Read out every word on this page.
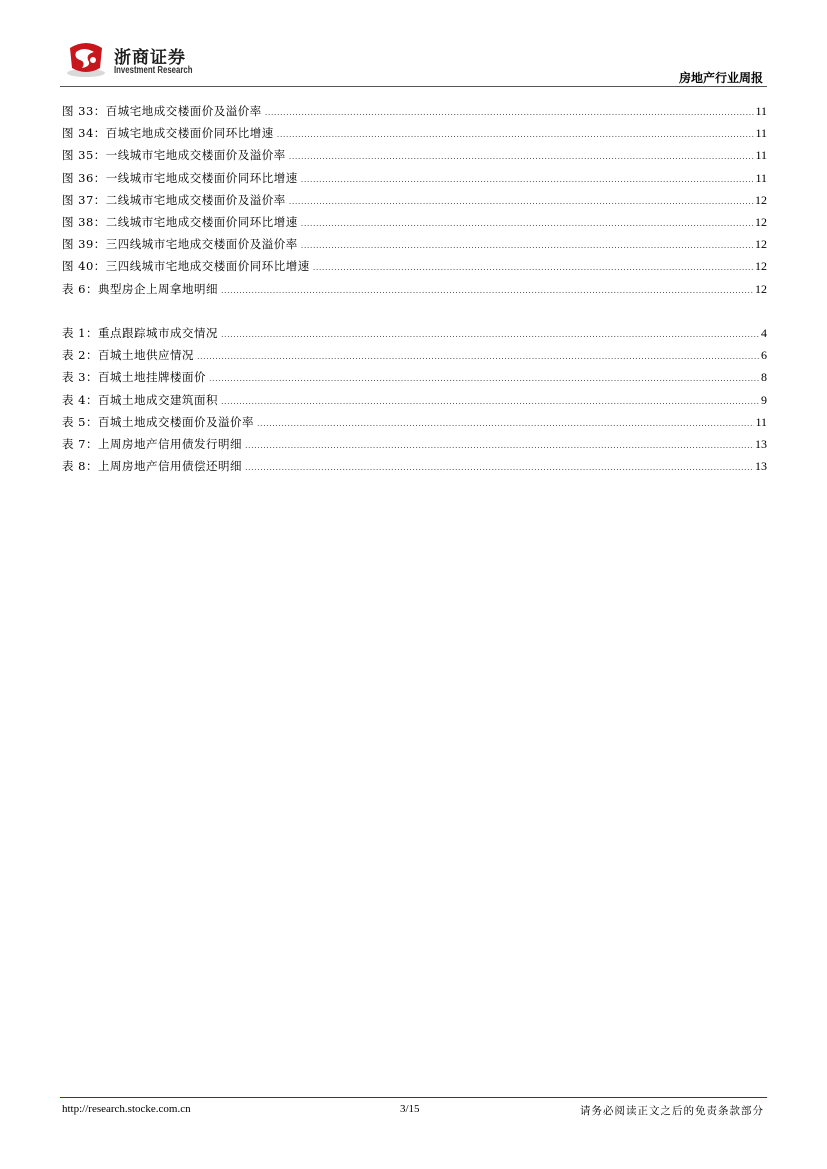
浙商证券
Investment Research
房地产行业周报
图 33：百城宅地成交楼面价及溢价率 .....	11
图 34：百城宅地成交楼面价同环比增速 .....	11
图 35：一线城市宅地成交楼面价及溢价率 .....	11
图 36：一线城市宅地成交楼面价同环比增速 .....	11
图 37：二线城市宅地成交楼面价及溢价率 .....	12
图 38：二线城市宅地成交楼面价同环比增速 .....	12
图 39：三四线城市宅地成交楼面价及溢价率 .....	12
图 40：三四线城市宅地成交楼面价同环比增速 .....	12
表 6：典型房企上周拿地明细 .....	12
表 1：重点跟踪城市成交情况 .....	4
表 2：百城土地供应情况 .....	6
表 3：百城土地挂牌楼面价 .....	8
表 4：百城土地成交建筑面积 .....	9
表 5：百城土地成交楼面价及溢价率 .....	11
表 7：上周房地产信用债发行明细 .....	13
表 8：上周房地产信用债偿还明细 .....	13
http://research.stocke.com.cn	3/15	请务必阅读正文之后的免责条款部分
